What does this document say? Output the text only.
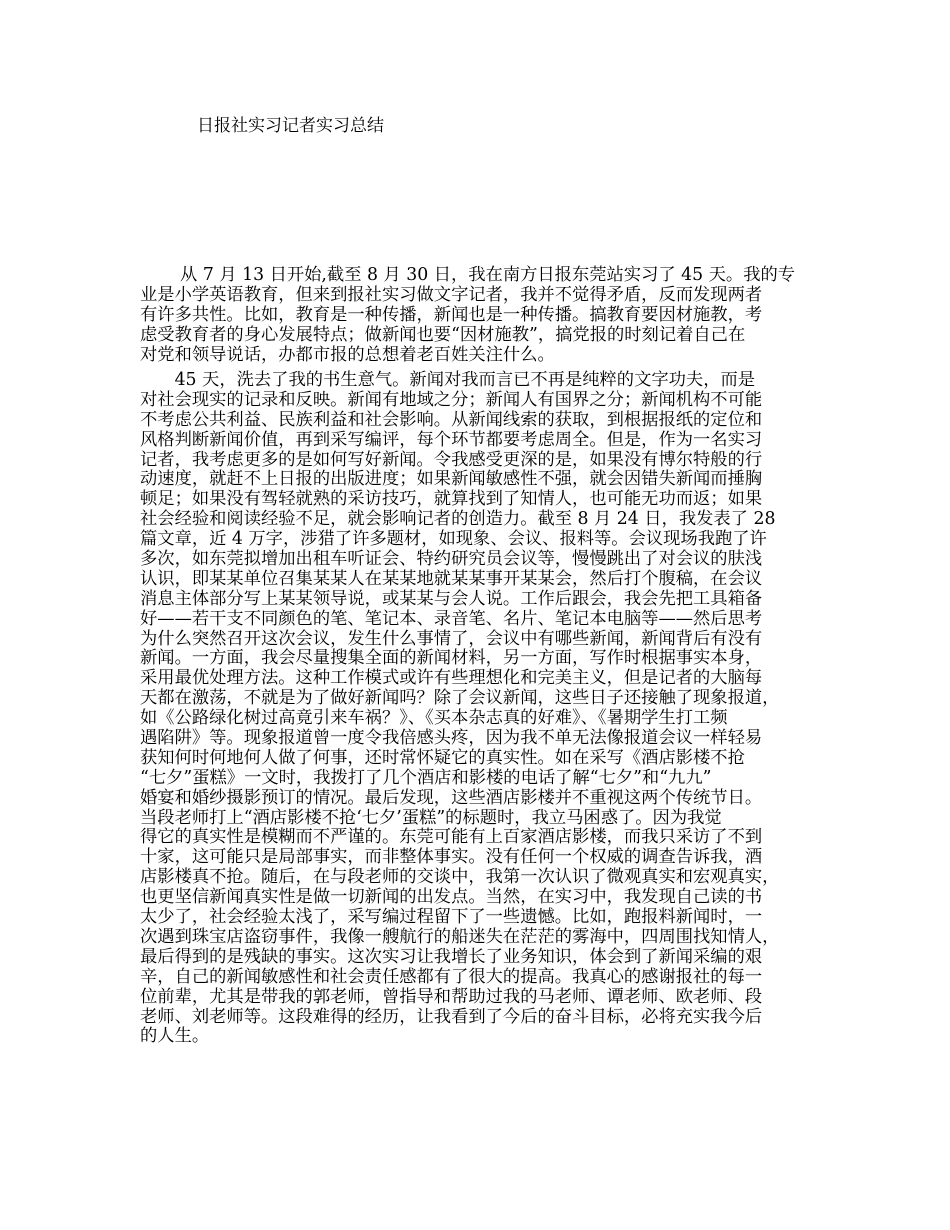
日报社实习记者实习总结

　　 从 7 月 13 日开始,截至 8 月 30 日，我在南方日报东莞站实习了 45 天。我的专
业是小学英语教育，但来到报社实习做文字记者，我并不觉得矛盾，反而发现两者
有许多共性。比如，教育是一种传播，新闻也是一种传播。搞教育要因材施教，考
虑受教育者的身心发展特点；做新闻也要“因材施教”，搞党报的时刻记着自己在
对党和领导说话，办都市报的总想着老百姓关注什么。

　　45 天，洗去了我的书生意气。新闻对我而言已不再是纯粹的文字功夫，而是
对社会现实的记录和反映。新闻有地域之分；新闻人有国界之分；新闻机构不可能
不考虑公共利益、民族利益和社会影响。从新闻线索的获取，到根据报纸的定位和
风格判断新闻价值，再到采写编评，每个环节都要考虑周全。但是，作为一名实习
记者，我考虑更多的是如何写好新闻。令我感受更深的是，如果没有博尔特般的行
动速度，就赶不上日报的出版进度；如果新闻敏感性不强，就会因错失新闻而捶胸
顿足；如果没有驾轻就熟的采访技巧，就算找到了知情人，也可能无功而返；如果
社会经验和阅读经验不足，就会影响记者的创造力。截至 8 月 24 日，我发表了 28
篇文章，近 4 万字，涉猎了许多题材，如现象、会议、报料等。会议现场我跑了许
多次，如东莞拟增加出租车听证会、特约研究员会议等，慢慢跳出了对会议的肤浅
认识，即某某单位召集某某人在某某地就某某事开某某会，然后打个腹稿，在会议
消息主体部分写上某某领导说，或某某与会人说。工作后跟会，我会先把工具箱备
好——若干支不同颜色的笔、笔记本、录音笔、名片、笔记本电脑等——然后思考
为什么突然召开这次会议，发生什么事情了，会议中有哪些新闻，新闻背后有没有
新闻。一方面，我会尽量搜集全面的新闻材料，另一方面，写作时根据事实本身，
采用最优处理方法。这种工作模式或许有些理想化和完美主义，但是记者的大脑每
天都在激荡，不就是为了做好新闻吗？除了会议新闻，这些日子还接触了现象报道，
如《公路绿化树过高竟引来车祸？》、《买本杂志真的好难》、《暑期学生打工频
遇陷阱》等。现象报道曾一度令我倍感头疼，因为我不单无法像报道会议一样轻易
获知何时何地何人做了何事，还时常怀疑它的真实性。如在采写《酒店影楼不抢
“七夕”蛋糕》一文时，我拨打了几个酒店和影楼的电话了解“七夕”和“九九”
婚宴和婚纱摄影预订的情况。最后发现，这些酒店影楼并不重视这两个传统节日。
当段老师打上“酒店影楼不抢‘七夕’蛋糕”的标题时，我立马困惑了。因为我觉
得它的真实性是模糊而不严谨的。东莞可能有上百家酒店影楼，而我只采访了不到
十家，这可能只是局部事实，而非整体事实。没有任何一个权威的调查告诉我，酒
店影楼真不抢。随后，在与段老师的交谈中，我第一次认识了微观真实和宏观真实，
也更坚信新闻真实性是做一切新闻的出发点。当然，在实习中，我发现自己读的书
太少了，社会经验太浅了，采写编过程留下了一些遗憾。比如，跑报料新闻时，一
次遇到珠宝店盗窃事件，我像一艘航行的船迷失在茫茫的雾海中，四周围找知情人，
最后得到的是残缺的事实。这次实习让我增长了业务知识，体会到了新闻采编的艰
辛，自己的新闻敏感性和社会责任感都有了很大的提高。我真心的感谢报社的每一
位前辈，尤其是带我的郭老师，曾指导和帮助过我的马老师、谭老师、欧老师、段
老师、刘老师等。这段难得的经历，让我看到了今后的奋斗目标，必将充实我今后
的人生。
